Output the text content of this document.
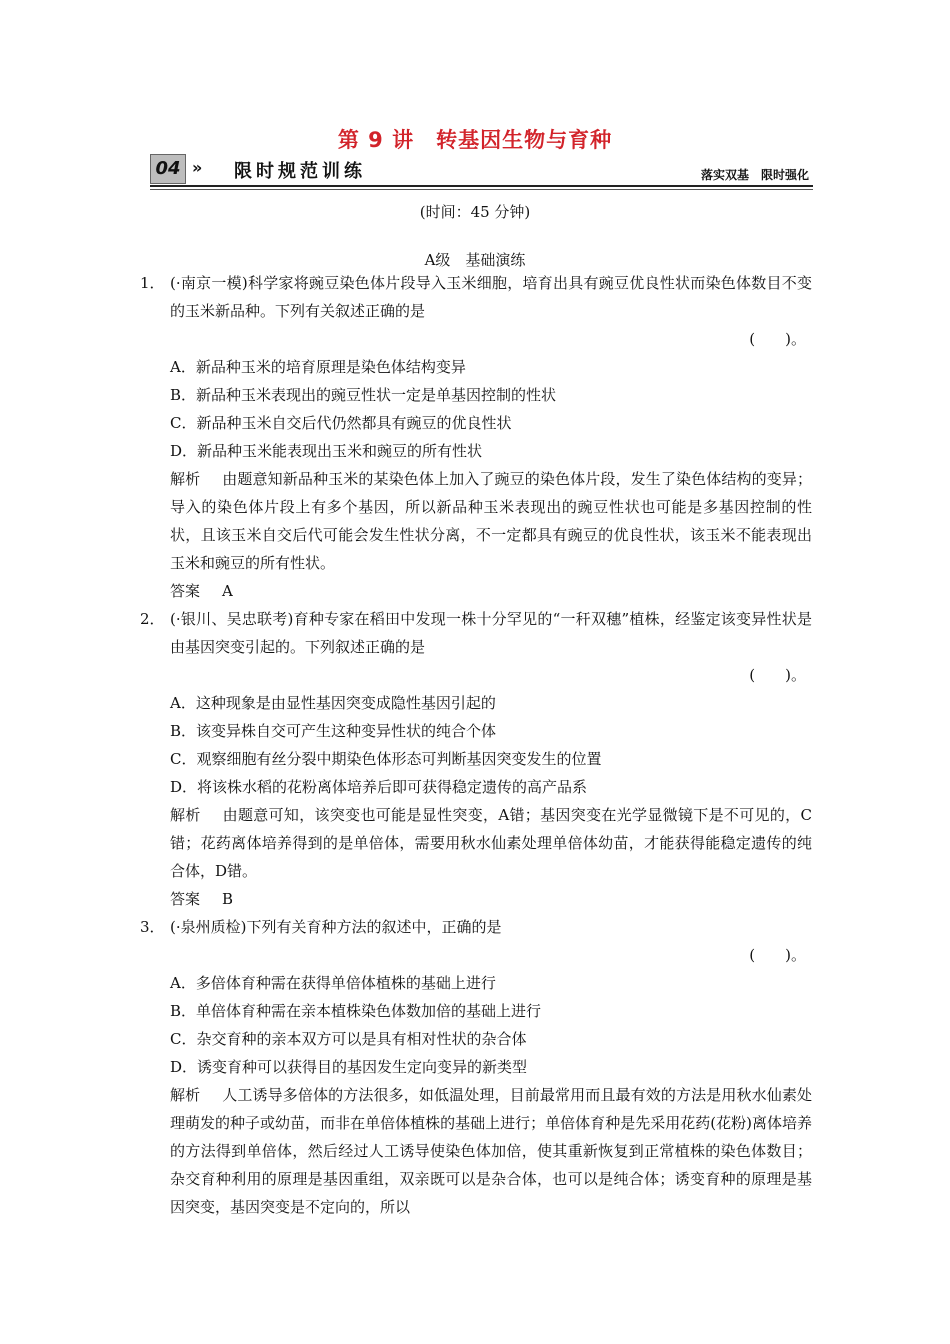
第 9 讲　转基因生物与育种
04 » 限时规范训练	落实双基　限时强化
(时间：45 分钟)
A级　基础演练
1． (·南京一模)科学家将豌豆染色体片段导入玉米细胞，培育出具有豌豆优良性状而染色体数目不变的玉米新品种。下列有关叙述正确的是
(　　)。
A．新品种玉米的培育原理是染色体结构变异
B．新品种玉米表现出的豌豆性状一定是单基因控制的性状
C．新品种玉米自交后代仍然都具有豌豆的优良性状
D．新品种玉米能表现出玉米和豌豆的所有性状
解析 由题意知新品种玉米的某染色体上加入了豌豆的染色体片段，发生了染色体结构的变异；导入的染色体片段上有多个基因，所以新品种玉米表现出的豌豆性状也可能是多基因控制的性状，且该玉米自交后代可能会发生性状分离，不一定都具有豌豆的优良性状，该玉米不能表现出玉米和豌豆的所有性状。
答案 A
2． (·银川、吴忠联考)育种专家在稻田中发现一株十分罕见的“一秆双穗”植株，经鉴定该变异性状是由基因突变引起的。下列叙述正确的是
(　　)。
A．这种现象是由显性基因突变成隐性基因引起的
B．该变异株自交可产生这种变异性状的纯合个体
C．观察细胞有丝分裂中期染色体形态可判断基因突变发生的位置
D．将该株水稻的花粉离体培养后即可获得稳定遗传的高产品系
解析 由题意可知，该突变也可能是显性突变，A错；基因突变在光学显微镜下是不可见的，C错；花药离体培养得到的是单倍体，需要用秋水仙素处理单倍体幼苗，才能获得能稳定遗传的纯合体，D错。
答案 B
3． (·泉州质检)下列有关育种方法的叙述中，正确的是
(　　)。
A．多倍体育种需在获得单倍体植株的基础上进行
B．单倍体育种需在亲本植株染色体数加倍的基础上进行
C．杂交育种的亲本双方可以是具有相对性状的杂合体
D．诱变育种可以获得目的基因发生定向变异的新类型
解析 人工诱导多倍体的方法很多，如低温处理，目前最常用而且最有效的方法是用秋水仙素处理萌发的种子或幼苗，而非在单倍体植株的基础上进行；单倍体育种是先采用花药(花粉)离体培养的方法得到单倍体，然后经过人工诱导使染色体加倍，使其重新恢复到正常植株的染色体数目；杂交育种利用的原理是基因重组，双亲既可以是杂合体，也可以是纯合体；诱变育种的原理是基因突变，基因突变是不定向的，所以
